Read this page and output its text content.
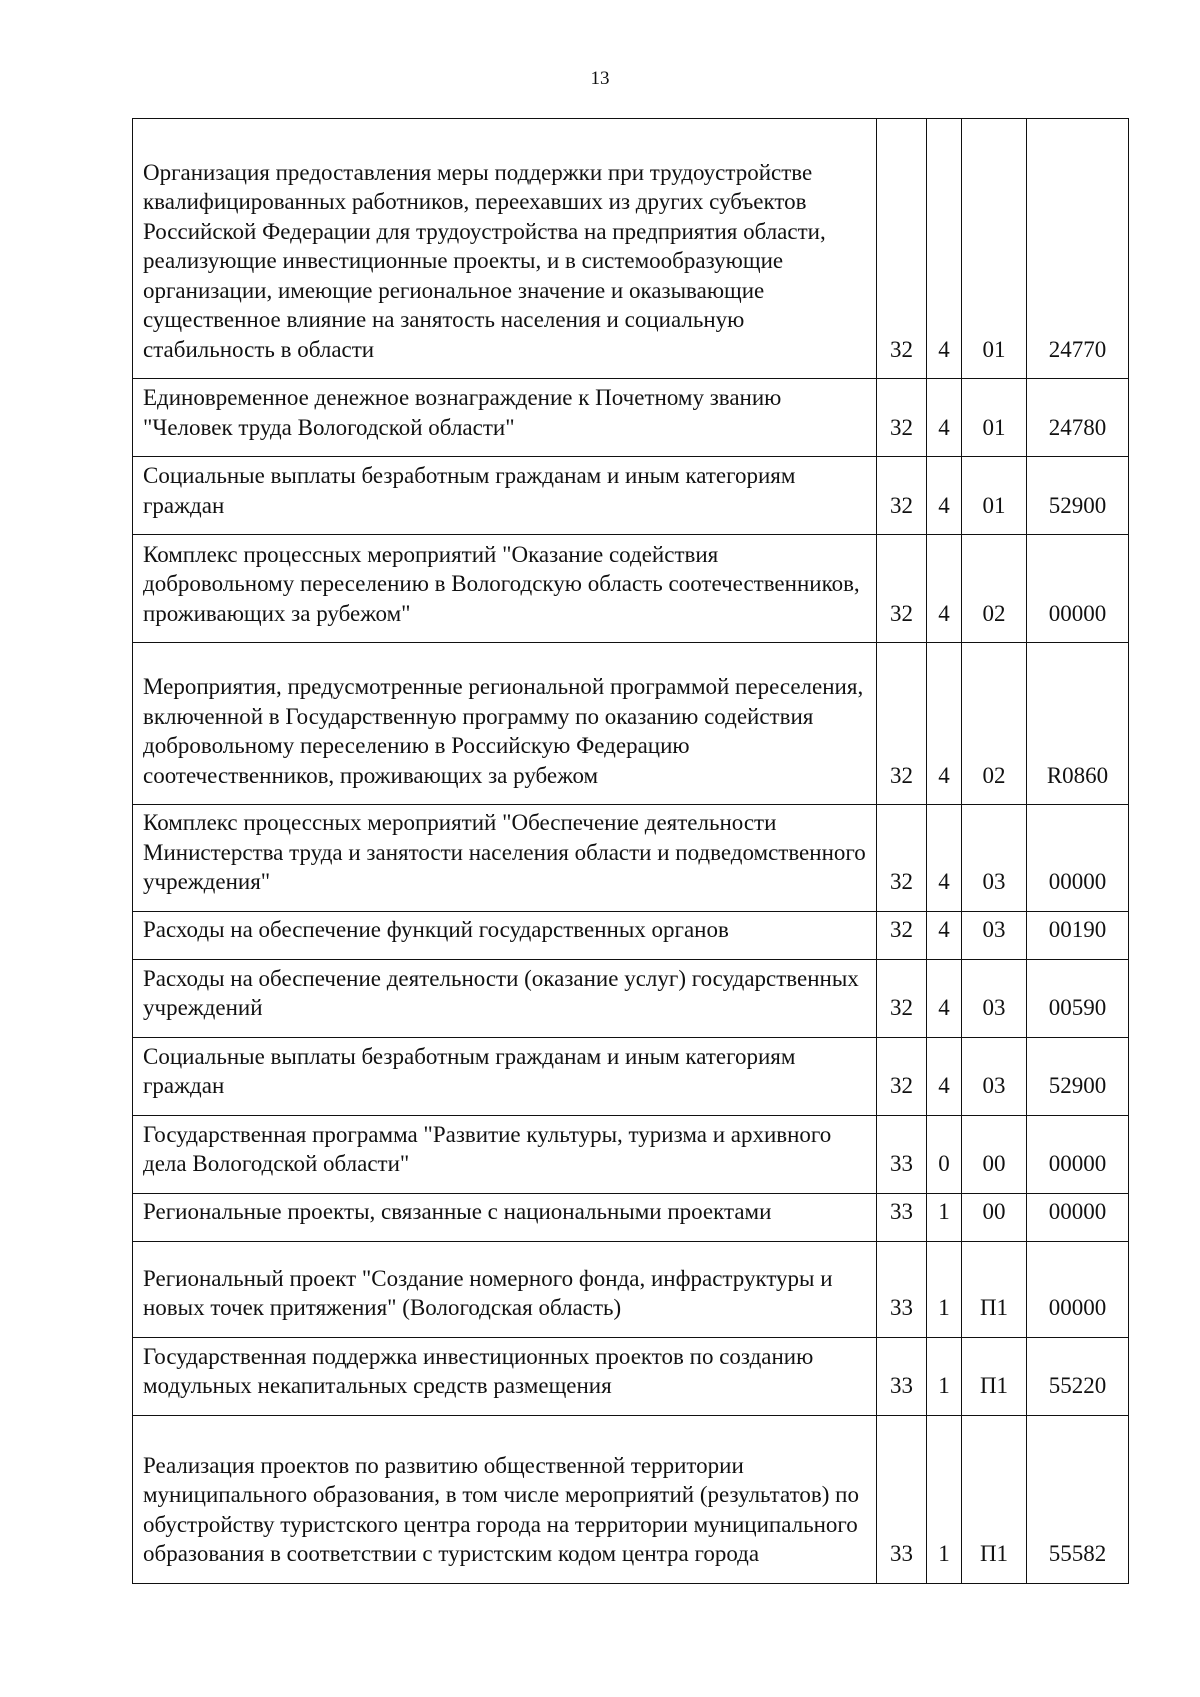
13
Организация предоставления меры поддержки при трудоустройстве квалифицированных работников, переехавших из других субъектов Российской Федерации для трудоустройства на предприятия области, реализующие инвестиционные проекты, и в системообразующие организации, имеющие региональное значение и оказывающие существенное влияние на занятость населения и социальную стабильность в области	32	4	01	24770
Единовременное денежное вознаграждение к Почетному званию "Человек труда Вологодской области"	32	4	01	24780
Социальные выплаты безработным гражданам и иным категориям граждан	32	4	01	52900
Комплекс процессных мероприятий "Оказание содействия добровольному переселению в Вологодскую область соотечественников, проживающих за рубежом"	32	4	02	00000
Мероприятия, предусмотренные региональной программой переселения, включенной в Государственную программу по оказанию содействия добровольному переселению в Российскую Федерацию соотечественников, проживающих за рубежом	32	4	02	R0860
Комплекс процессных мероприятий "Обеспечение деятельности Министерства труда и занятости населения области и подведомственного учреждения"	32	4	03	00000
Расходы на обеспечение функций государственных органов	32	4	03	00190
Расходы на обеспечение деятельности (оказание услуг) государственных учреждений	32	4	03	00590
Социальные выплаты безработным гражданам и иным категориям граждан	32	4	03	52900
Государственная программа "Развитие культуры, туризма и архивного дела Вологодской области"	33	0	00	00000
Региональные проекты, связанные с национальными проектами	33	1	00	00000
Региональный проект "Создание номерного фонда, инфраструктуры и новых точек притяжения" (Вологодская область)	33	1	П1	00000
Государственная поддержка инвестиционных проектов по созданию модульных некапитальных средств размещения	33	1	П1	55220
Реализация проектов по развитию общественной территории муниципального образования, в том числе мероприятий (результатов) по обустройству туристского центра города на территории муниципального образования в соответствии с туристским кодом центра города	33	1	П1	55582
